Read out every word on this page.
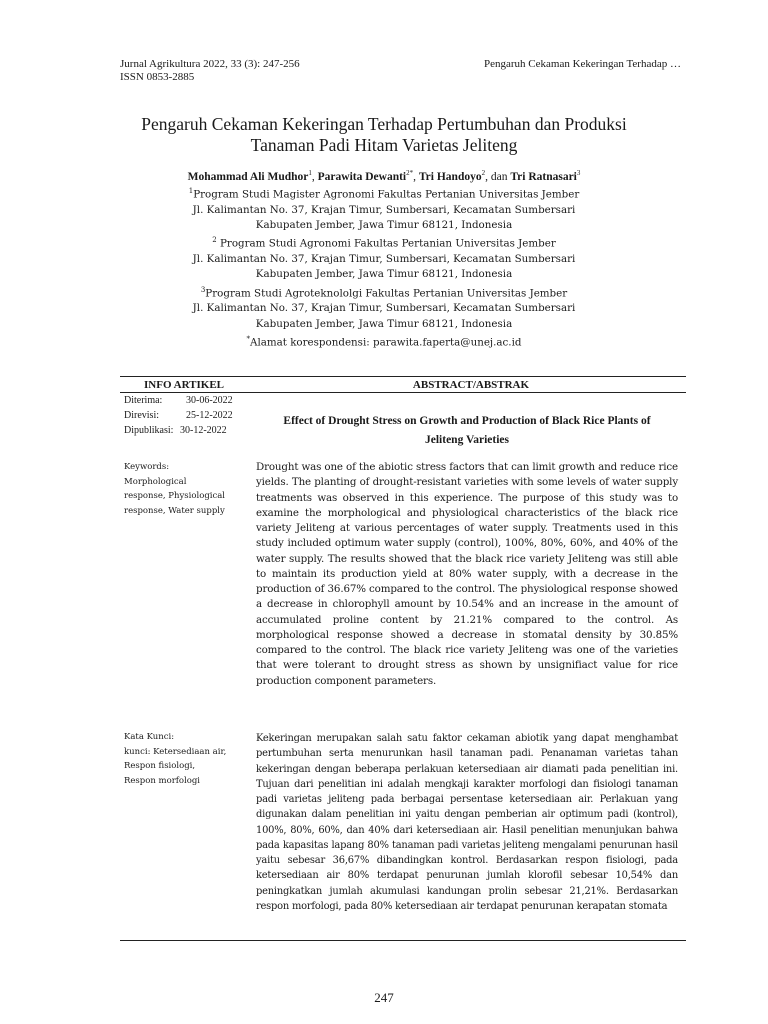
Jurnal Agrikultura 2022, 33 (3): 247-256
ISSN 0853-2885
Pengaruh Cekaman Kekeringan Terhadap …
Pengaruh Cekaman Kekeringan Terhadap Pertumbuhan dan Produksi
Tanaman Padi Hitam Varietas Jeliteng
Mohammad Ali Mudhor$^1$, Parawita Dewanti$^{2*}$, Tri Handoyo$^2$, dan Tri Ratnasari$^3$
$^1$Program Studi Magister Agronomi Fakultas Pertanian Universitas Jember
Jl. Kalimantan No. 37, Krajan Timur, Sumbersari, Kecamatan Sumbersari
Kabupaten Jember, Jawa Timur 68121, Indonesia
$^2$ Program Studi Agronomi Fakultas Pertanian Universitas Jember
Jl. Kalimantan No. 37, Krajan Timur, Sumbersari, Kecamatan Sumbersari
Kabupaten Jember, Jawa Timur 68121, Indonesia
$^3$Program Studi Agroteknololgi Fakultas Pertanian Universitas Jember
Jl. Kalimantan No. 37, Krajan Timur, Sumbersari, Kecamatan Sumbersari
Kabupaten Jember, Jawa Timur 68121, Indonesia
*Alamat korespondensi: parawita.faperta@unej.ac.id
INFO ARTIKEL	ABSTRACT/ABSTRAK
Diterima: 30-06-2022
Direvisi:	25-12-2022
Dipublikasi: 30-12-2022
Effect of Drought Stress on Growth and Production of Black Rice Plants of
Jeliteng Varieties
Keywords:
Morphological
response, Physiological
response, Water supply
Drought was one of the abiotic stress factors that can limit growth and reduce rice yields. The planting of drought-resistant varieties with some levels of water supply treatments was observed in this experience. The purpose of this study was to examine the morphological and physiological characteristics of the black rice variety Jeliteng at various percentages of water supply. Treatments used in this study included optimum water supply (control), 100%, 80%, 60%, and 40% of the water supply. The results showed that the black rice variety Jeliteng was still able to maintain its production yield at 80% water supply, with a decrease in the production of 36.67% compared to the control. The physiological response showed a decrease in chlorophyll amount by 10.54% and an increase in the amount of accumulated proline content by 21.21% compared to the control. As morphological response showed a decrease in stomatal density by 30.85% compared to the control. The black rice variety Jeliteng was one of the varieties that were tolerant to drought stress as shown by unsignifiact value for rice production component parameters.
Kata Kunci:
kunci: Ketersediaan air,
Respon fisiologi,
Respon morfologi
Kekeringan merupakan salah satu faktor cekaman abiotik yang dapat menghambat pertumbuhan serta menurunkan hasil tanaman padi. Penanaman varietas tahan kekeringan dengan beberapa perlakuan ketersediaan air diamati pada penelitian ini. Tujuan dari penelitian ini adalah mengkaji karakter morfologi dan fisiologi tanaman padi varietas jeliteng pada berbagai persentase ketersediaan air. Perlakuan yang digunakan dalam penelitian ini yaitu dengan pemberian air optimum padi (kontrol), 100%, 80%, 60%, dan 40% dari ketersediaan air. Hasil penelitian menunjukan bahwa pada kapasitas lapang 80% tanaman padi varietas jeliteng mengalami penurunan hasil yaitu sebesar 36,67% dibandingkan kontrol. Berdasarkan respon fisiologi, pada ketersediaan air 80% terdapat penurunan jumlah klorofil sebesar 10,54% dan peningkatkan jumlah akumulasi kandungan prolin sebesar 21,21%. Berdasarkan respon morfologi, pada 80% ketersediaan air terdapat penurunan kerapatan stomata
247
